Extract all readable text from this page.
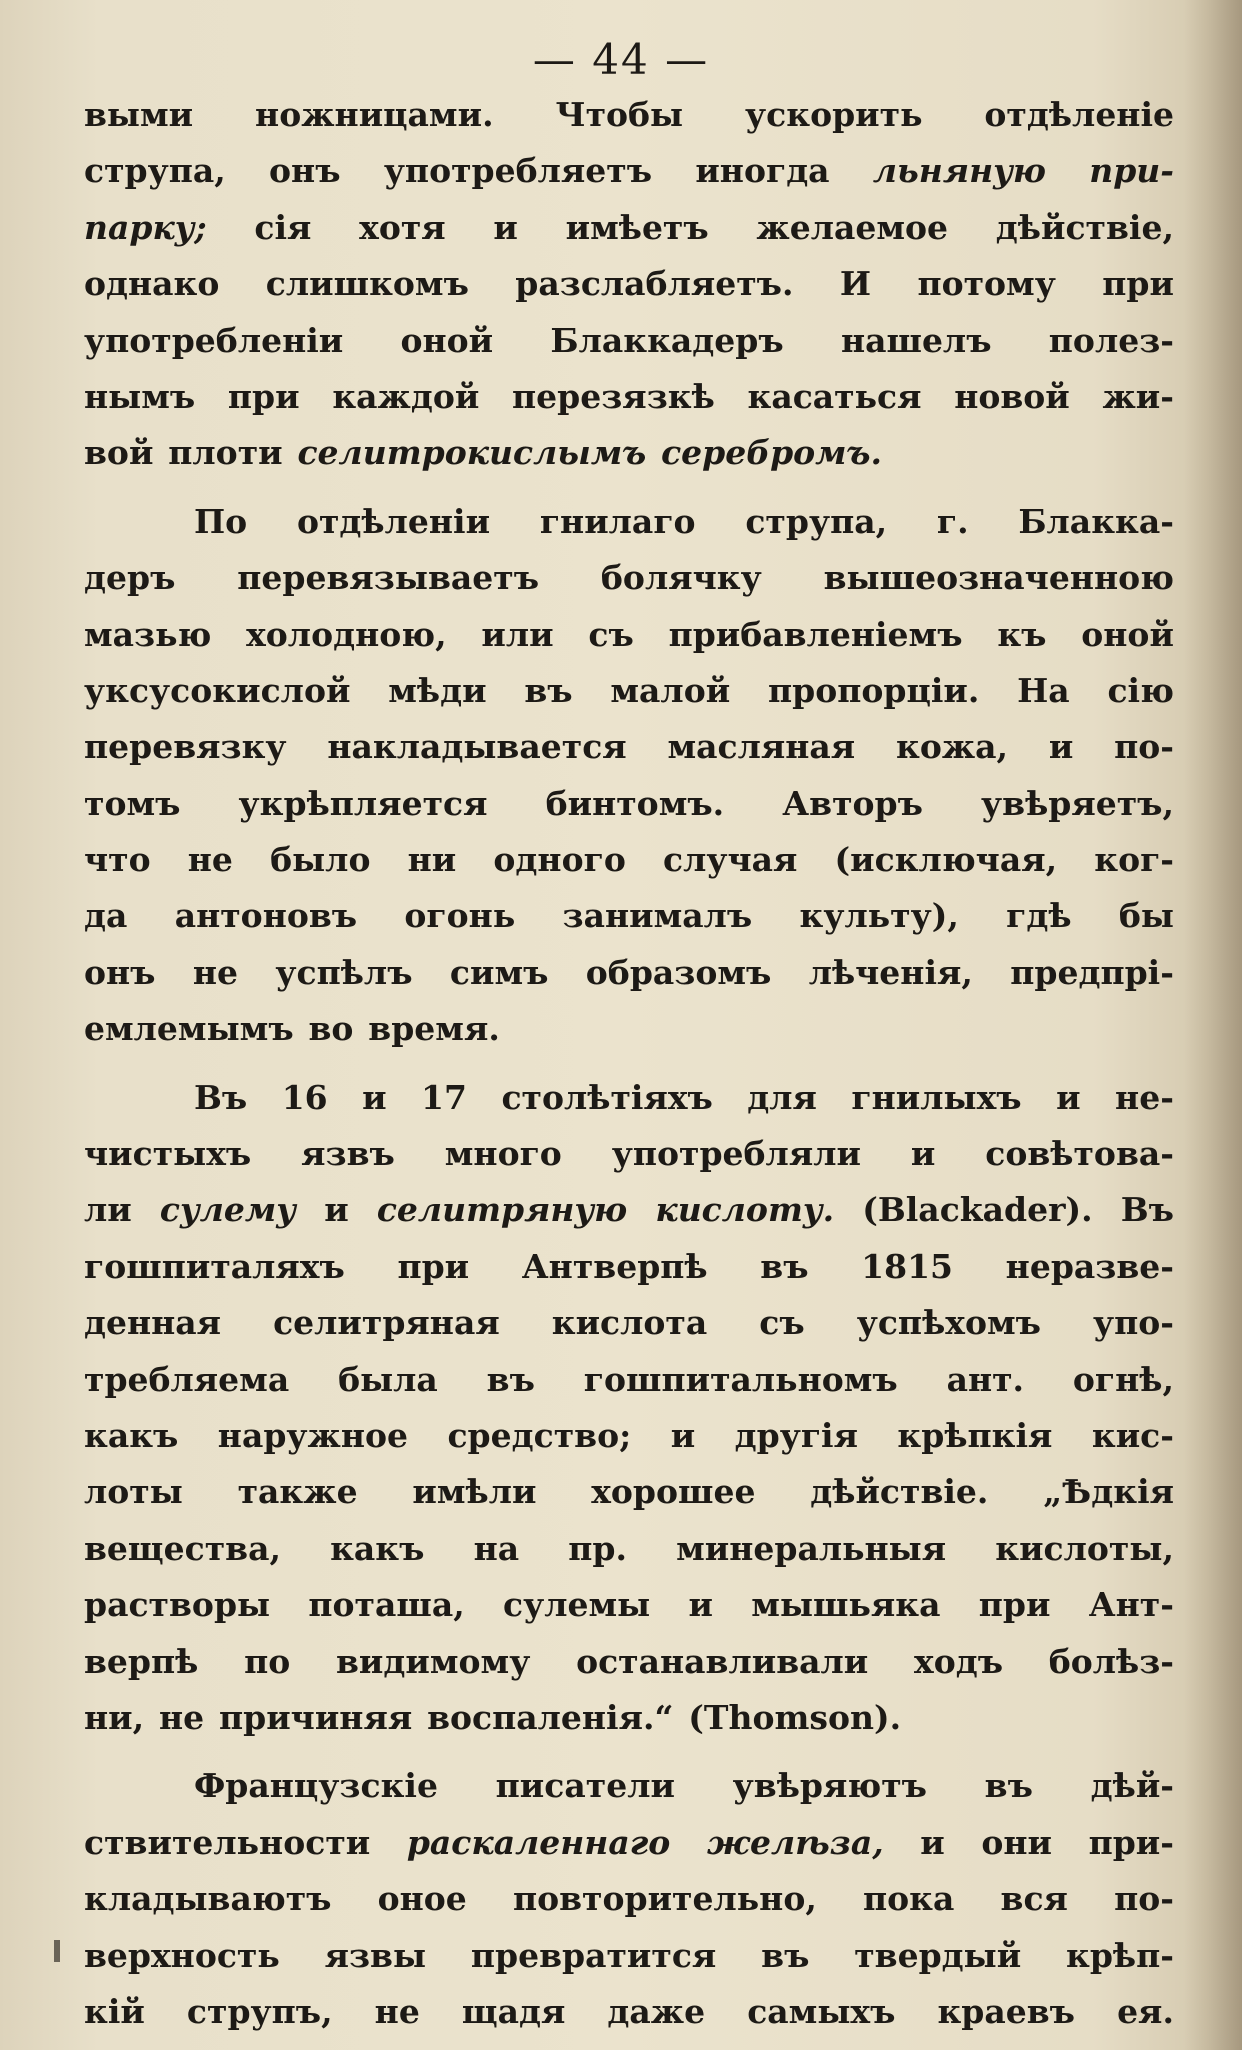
— 44 —
выми ножницами. Чтобы ускорить отдѣленіе
струпа, онъ употребляетъ иногда льняную при-
парку; сія хотя и имѣетъ желаемое дѣйствіе,
однако слишкомъ разслабляетъ. И потому при
употребленіи оной Блаккадеръ нашелъ полез-
нымъ при каждой перезязкѣ касаться новой жи-
вой плоти селитрокислымъ серебромъ.
По отдѣленіи гнилаго струпа, г. Блакка-
деръ перевязываетъ болячку вышеозначенною
мазью холодною, или съ прибавленіемъ къ оной
уксусокислой мѣди въ малой пропорціи. На сію
перевязку накладывается масляная кожа, и по-
томъ укрѣпляется бинтомъ. Авторъ увѣряетъ,
что не было ни одного случая (исключая, ког-
да антоновъ огонь занималъ культу), гдѣ бы
онъ не успѣлъ симъ образомъ лѣченія, предпрі-
емлемымъ во время.
Въ 16 и 17 столѣтіяхъ для гнилыхъ и не-
чистыхъ язвъ много употребляли и совѣтова-
ли сулему и селитряную кислоту. (Blackader). Въ
гошпиталяхъ при Антверпѣ въ 1815 неразве-
денная селитряная кислота съ успѣхомъ упо-
требляема была въ гошпитальномъ ант. огнѣ,
какъ наружное средство; и другія крѣпкія кис-
лоты также имѣли хорошее дѣйствіе. „Ѣдкія
вещества, какъ на пр. минеральныя кислоты,
растворы поташа, сулемы и мышьяка при Ант-
верпѣ по видимому останавливали ходъ болѣз-
ни, не причиняя воспаленія.“ (Thomson).
Французскіе писатели увѣряютъ въ дѣй-
ствительности раскаленнаго желѣза, и они при-
кладываютъ оное повторительно, пока вся по-
верхность язвы превратится въ твердый крѣп-
кій струпъ, не щадя даже самыхъ краевъ ея.
